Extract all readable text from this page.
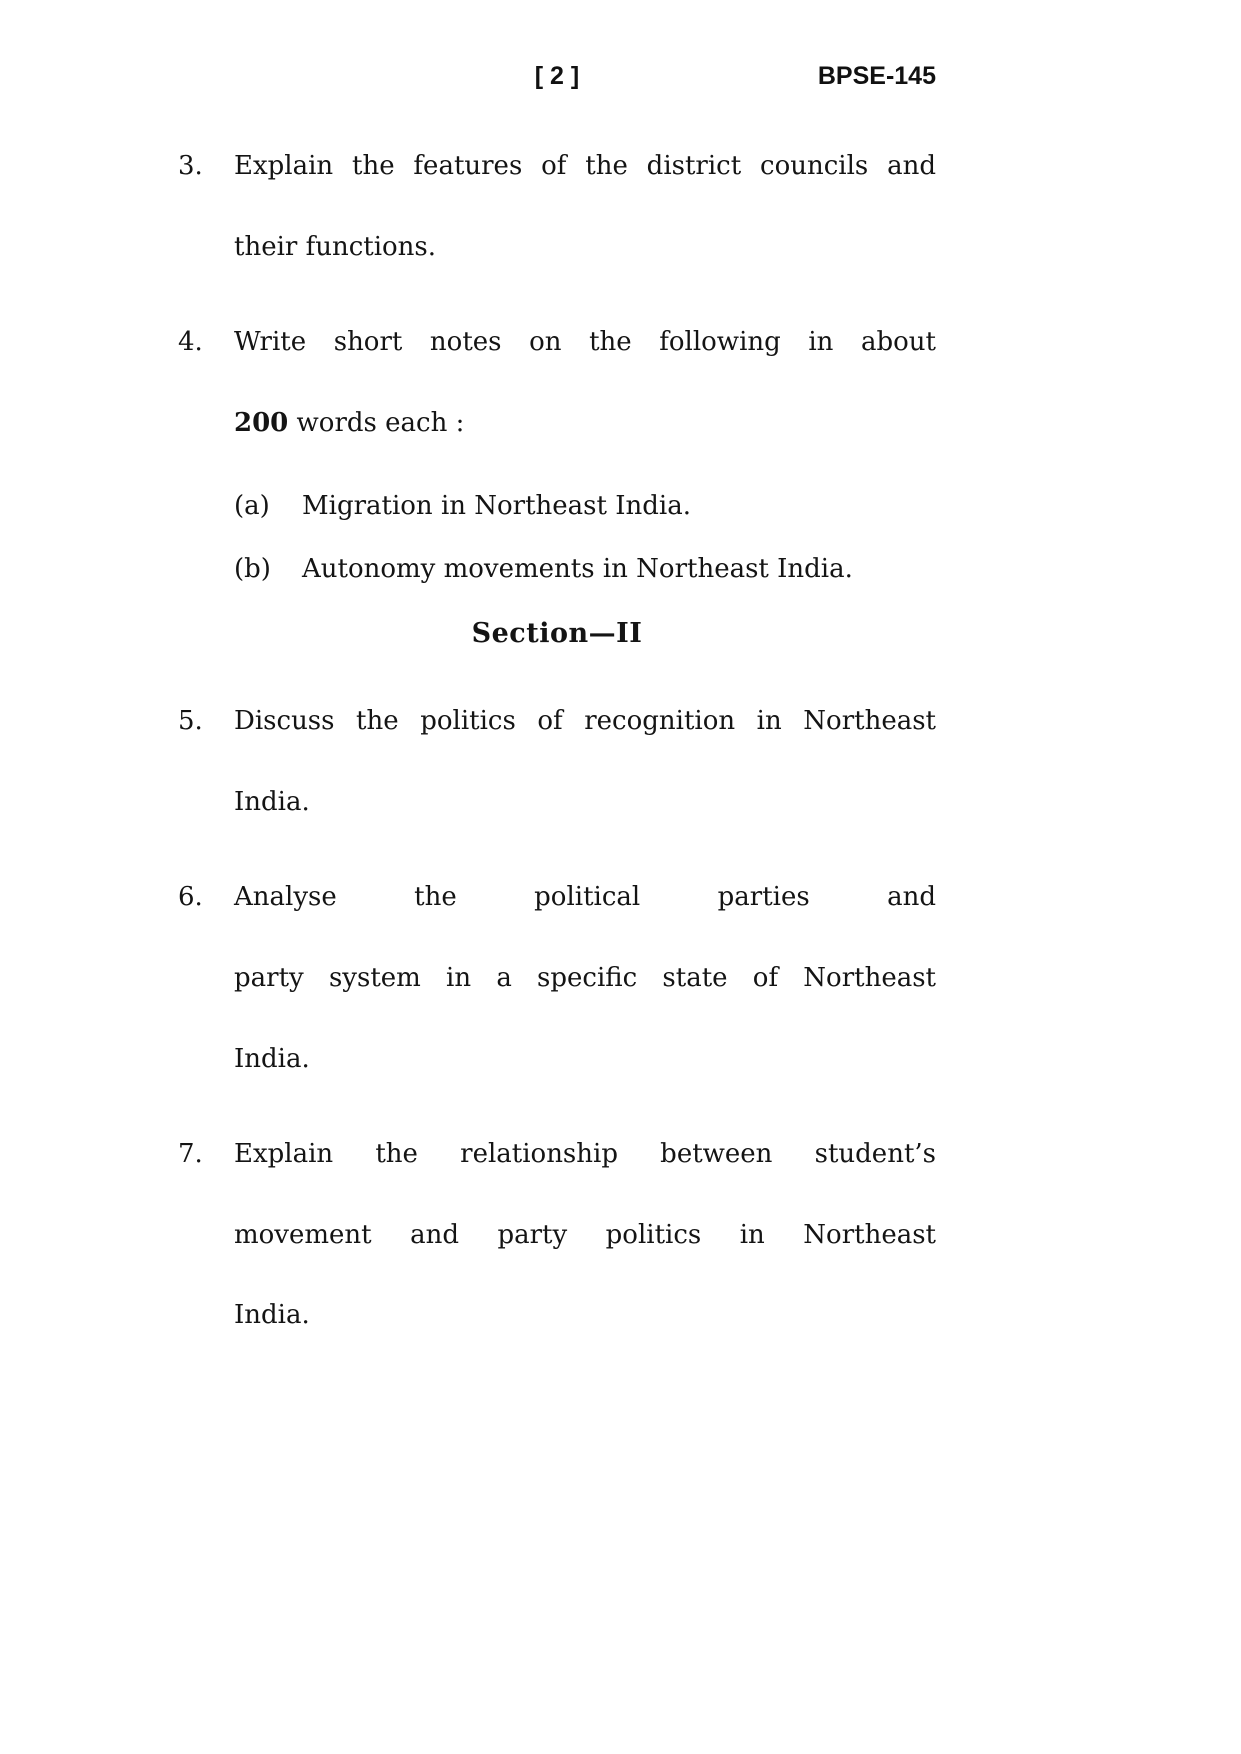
[ 2 ]	BPSE-145
3.	Explain the features of the district councils and
their functions.
4.	Write short notes on the following in about
200 words each :
(a)	Migration in Northeast India.
(b)	Autonomy movements in Northeast India.
Section—II
5.	Discuss the politics of recognition in Northeast
India.
6.	Analyse the political parties and
party system in a specific state of Northeast
India.
7.	Explain the relationship between student’s
movement and party politics in Northeast
India.
